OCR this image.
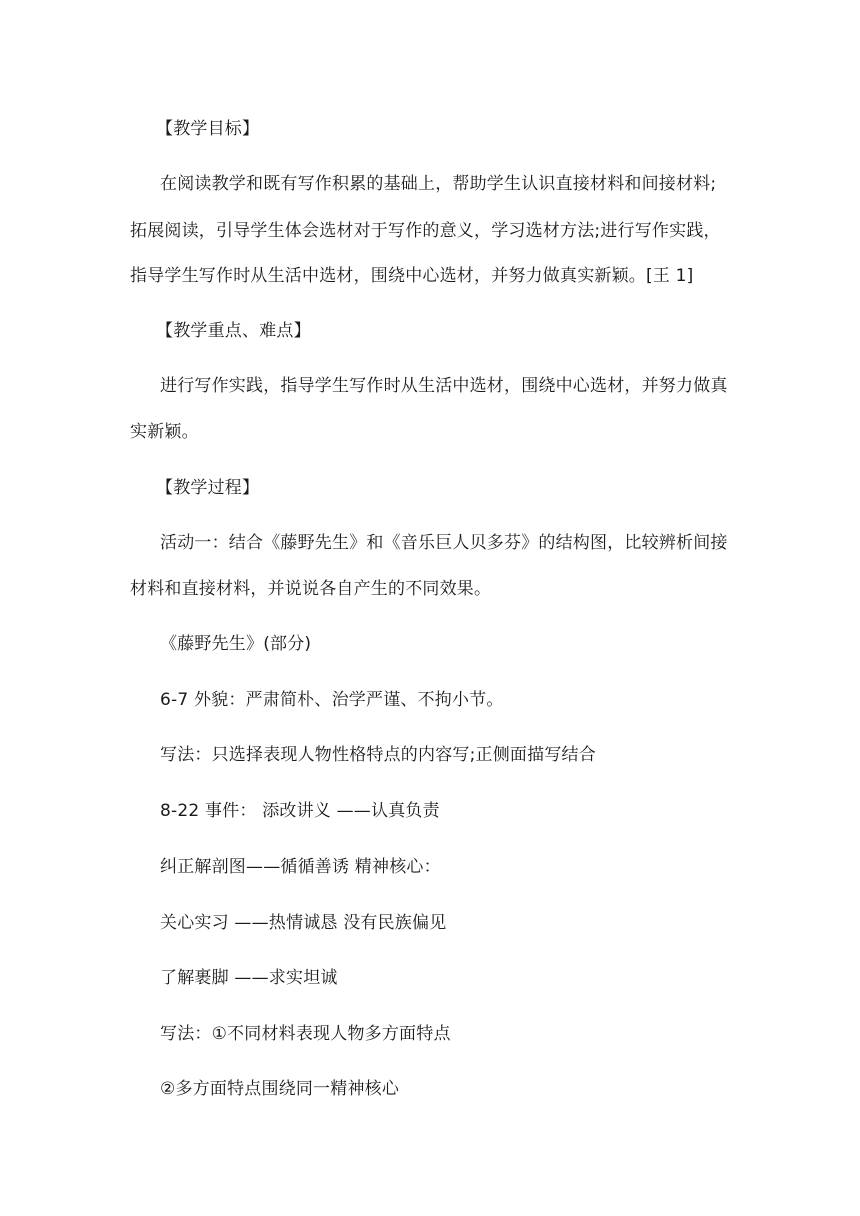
【教学目标】
在阅读教学和既有写作积累的基础上，帮助学生认识直接材料和间接材料;
拓展阅读，引导学生体会选材对于写作的意义，学习选材方法;进行写作实践，
指导学生写作时从生活中选材，围绕中心选材，并努力做真实新颖。[王 1]
【教学重点、难点】
进行写作实践，指导学生写作时从生活中选材，围绕中心选材，并努力做真
实新颖。
【教学过程】
活动一：结合《藤野先生》和《音乐巨人贝多芬》的结构图，比较辨析间接
材料和直接材料，并说说各自产生的不同效果。
《藤野先生》(部分)
6-7 外貌：严肃简朴、治学严谨、不拘小节。
写法：只选择表现人物性格特点的内容写;正侧面描写结合
8-22 事件： 添改讲义 ——认真负责
纠正解剖图——循循善诱 精神核心：
关心实习 ——热情诚恳 没有民族偏见
了解裹脚 ——求实坦诚
写法：①不同材料表现人物多方面特点
②多方面特点围绕同一精神核心
